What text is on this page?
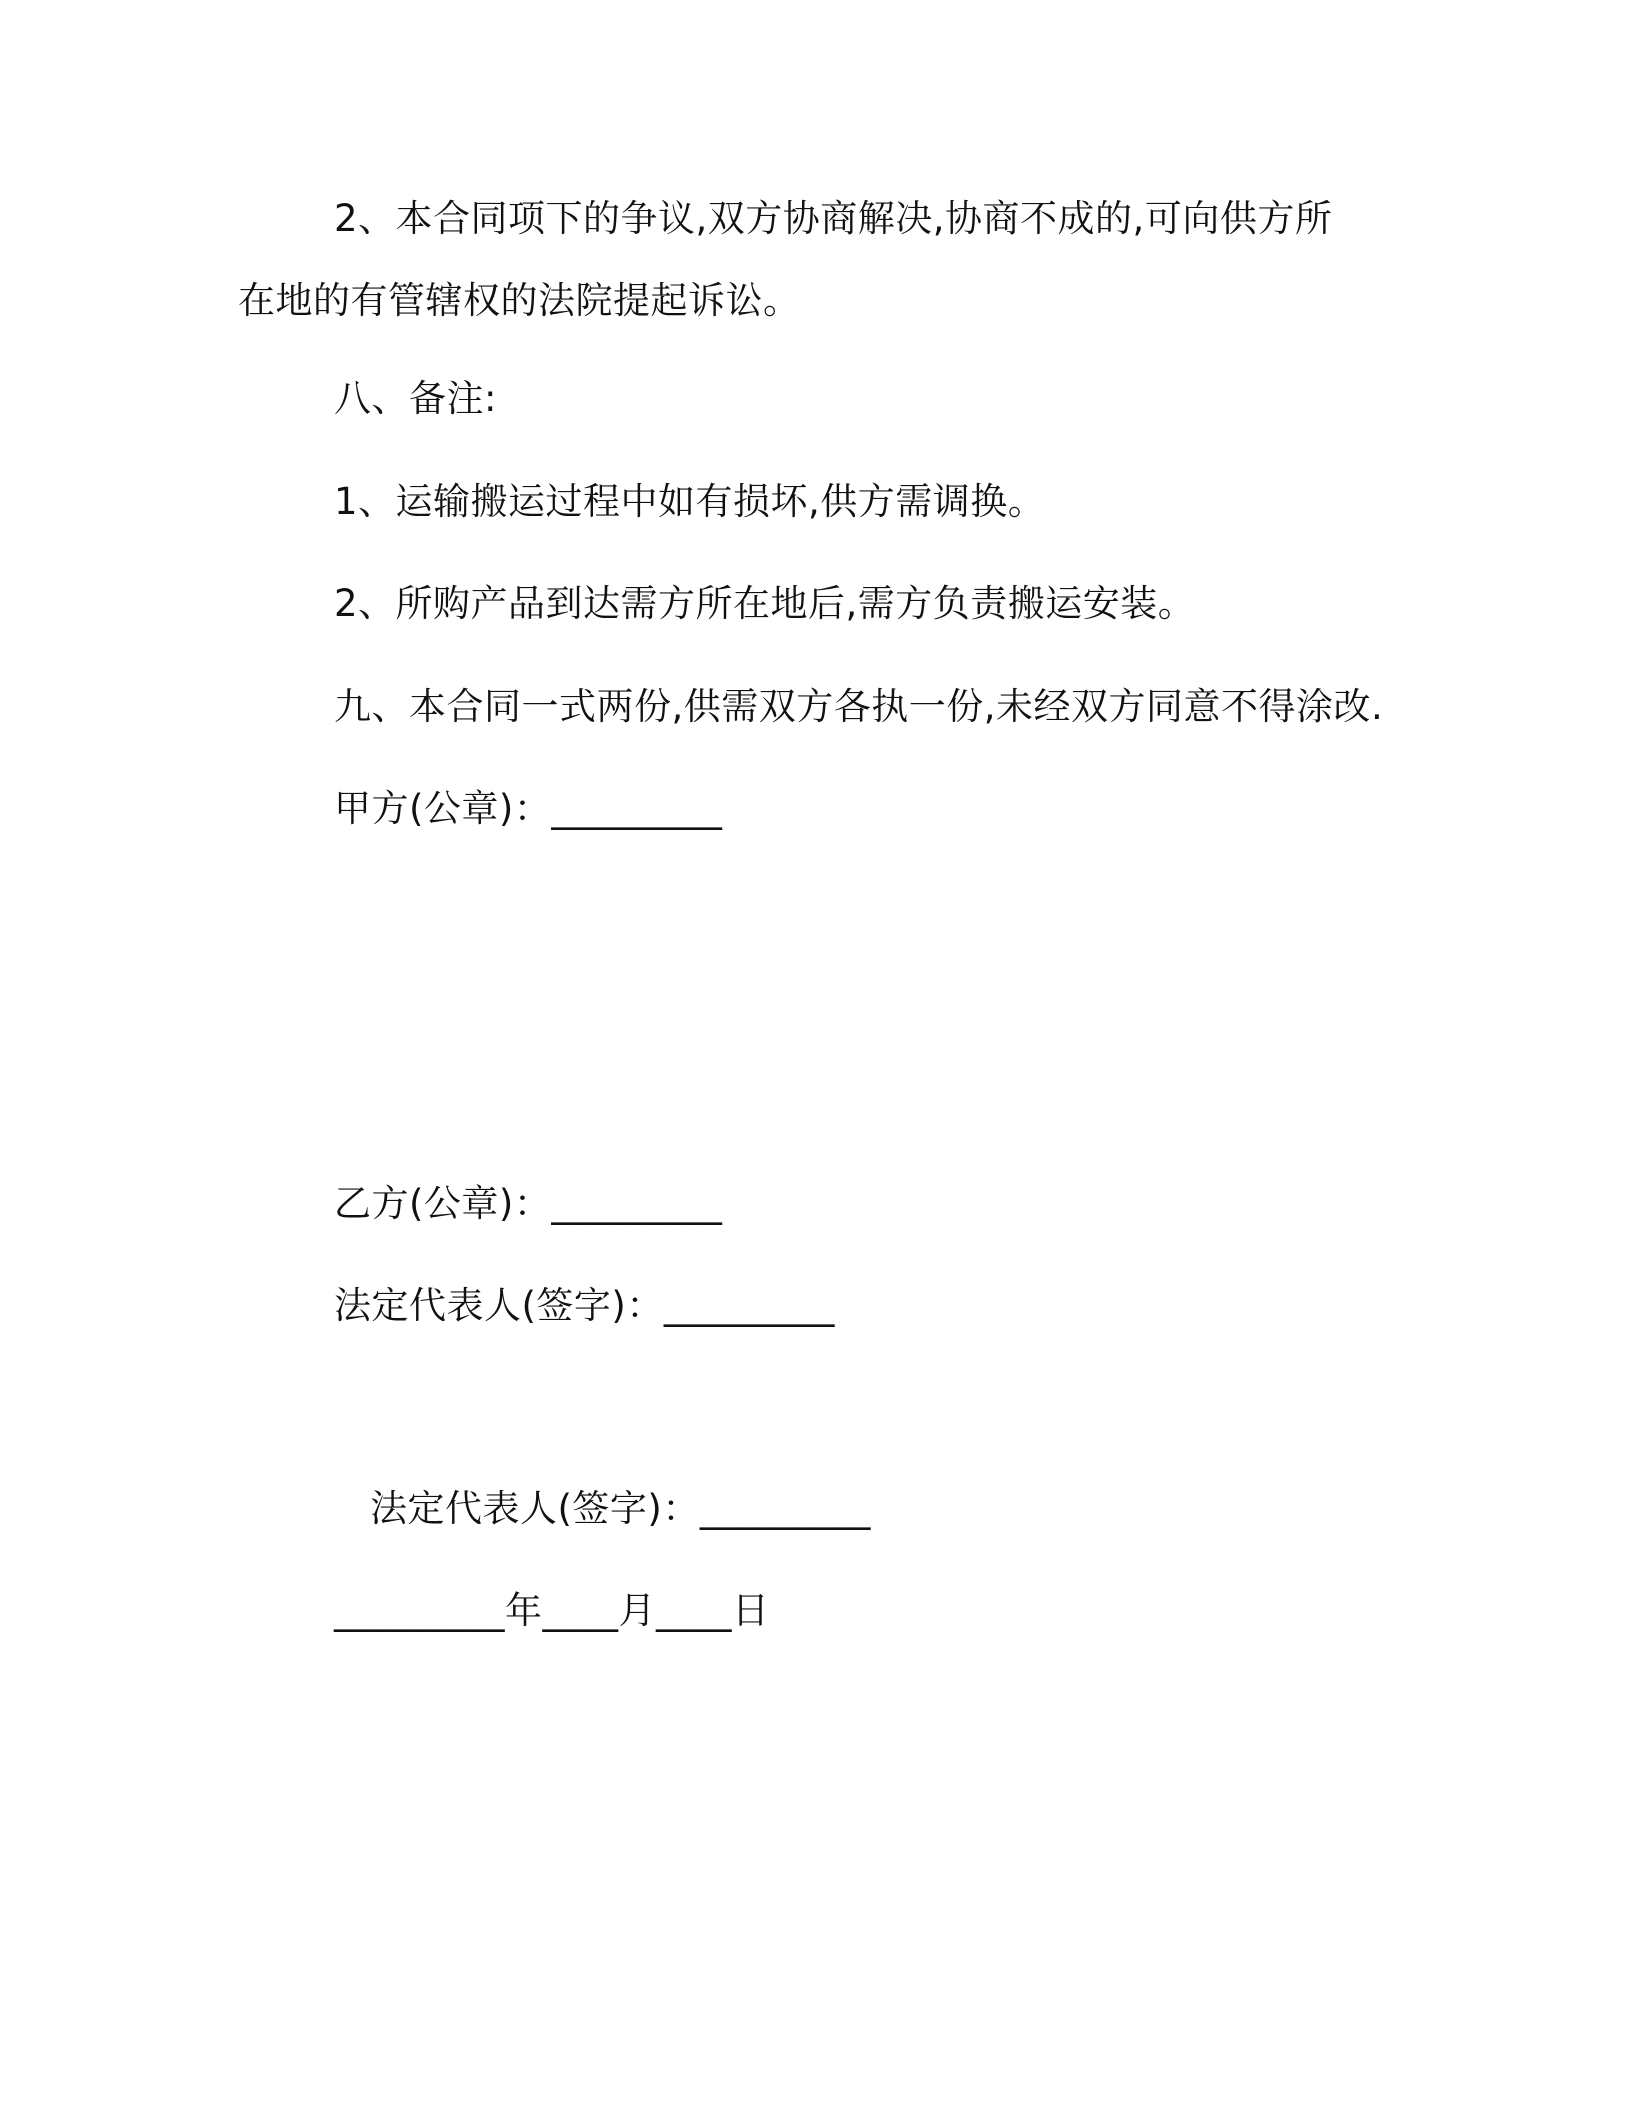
2、本合同项下的争议,双方协商解决,协商不成的,可向供方所在地的有管辖权的法院提起诉讼。

八、备注:

1、运输搬运过程中如有损坏,供方需调换。

2、所购产品到达需方所在地后,需方负责搬运安装。

九、本合同一式两份,供需双方各执一份,未经双方同意不得涂改.

甲方(公章)：_________

乙方(公章)：_________

法定代表人(签字)：_________

法定代表人(签字)：_________

_________年____月____日
